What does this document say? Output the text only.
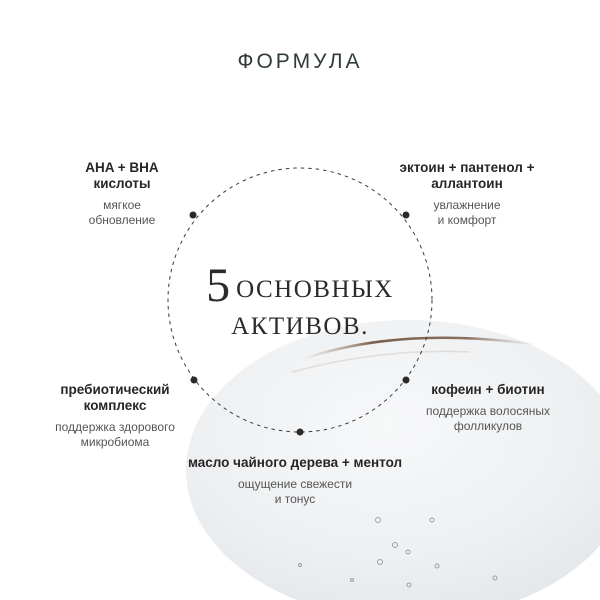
ФОРМУЛА
5 ОСНОВНЫХ
АКТИВОВ.
AHA + BHA
кислоты
мягкое
обновление
эктоин + пантенол +
аллантоин
увлажнение
и комфорт
пребиотический
комплекс
поддержка здорового
микробиома
кофеин + биотин
поддержка волосяных
фолликулов
масло чайного дерева + ментол
ощущение свежести
и тонус
